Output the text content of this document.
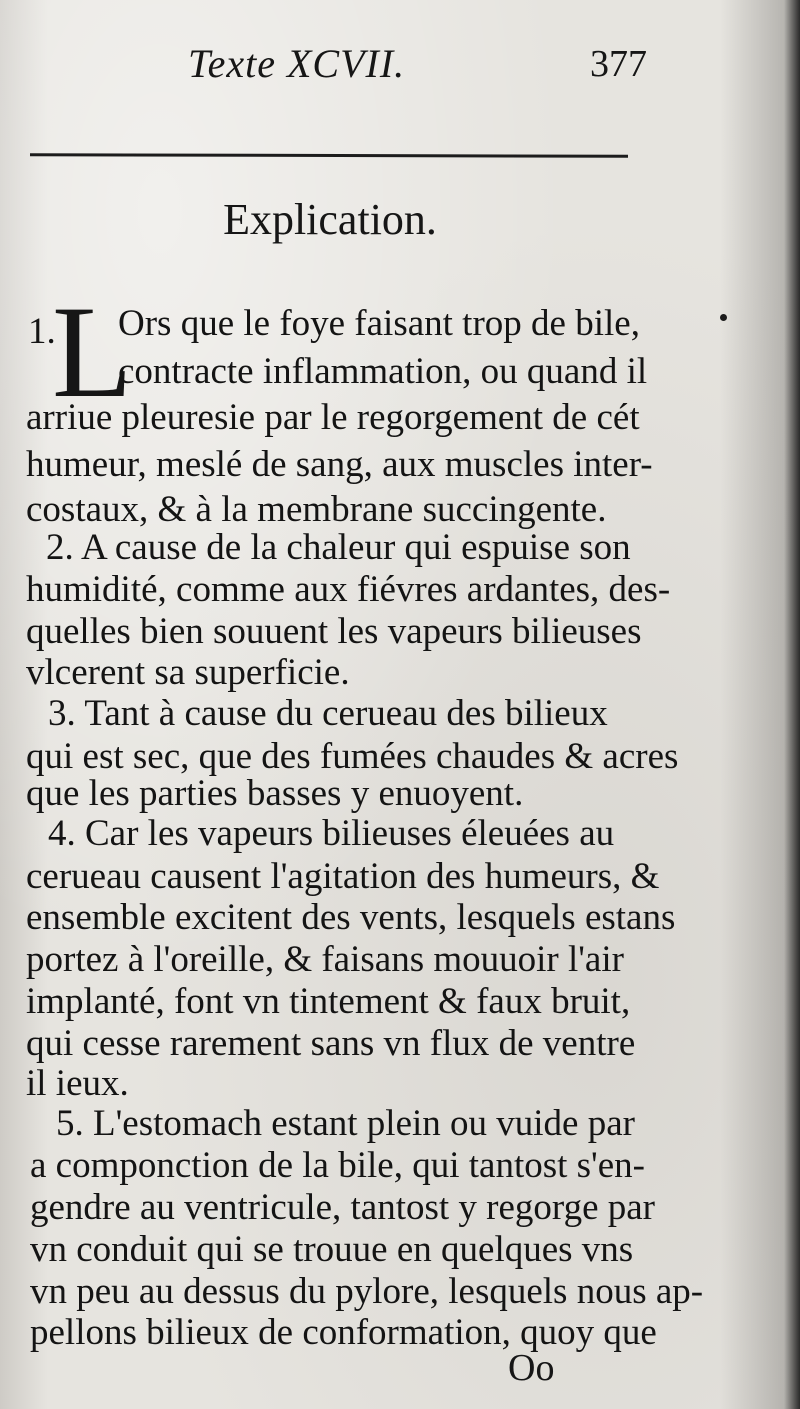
Texte XCVII.	377
Explication.
L
1. Ors que le foye faisant trop de bile,
contracte inflammation, ou quand il
arriue pleuresie par le regorgement de cét
humeur, meslé de sang, aux muscles inter-
costaux, & à la membrane succingente.
2. A cause de la chaleur qui espuise son
humidité, comme aux fiévres ardantes, des-
quelles bien souuent les vapeurs bilieuses
vlcerent sa superficie.
3. Tant à cause du cerueau des bilieux
qui est sec, que des fumées chaudes & acres
que les parties basses y enuoyent.
4. Car les vapeurs bilieuses éleuées au
cerueau causent l'agitation des humeurs, &
ensemble excitent des vents, lesquels estans
portez à l'oreille, & faisans mouuoir l'air
implanté, font vn tintement & faux bruit,
qui cesse rarement sans vn flux de ventre
il ieux.
5. L'estomach estant plein ou vuide par
a componction de la bile, qui tantost s'en-
gendre au ventricule, tantost y regorge par
vn conduit qui se trouue en quelques vns
vn peu au dessus du pylore, lesquels nous ap-
pellons bilieux de conformation, quoy que
Oo
